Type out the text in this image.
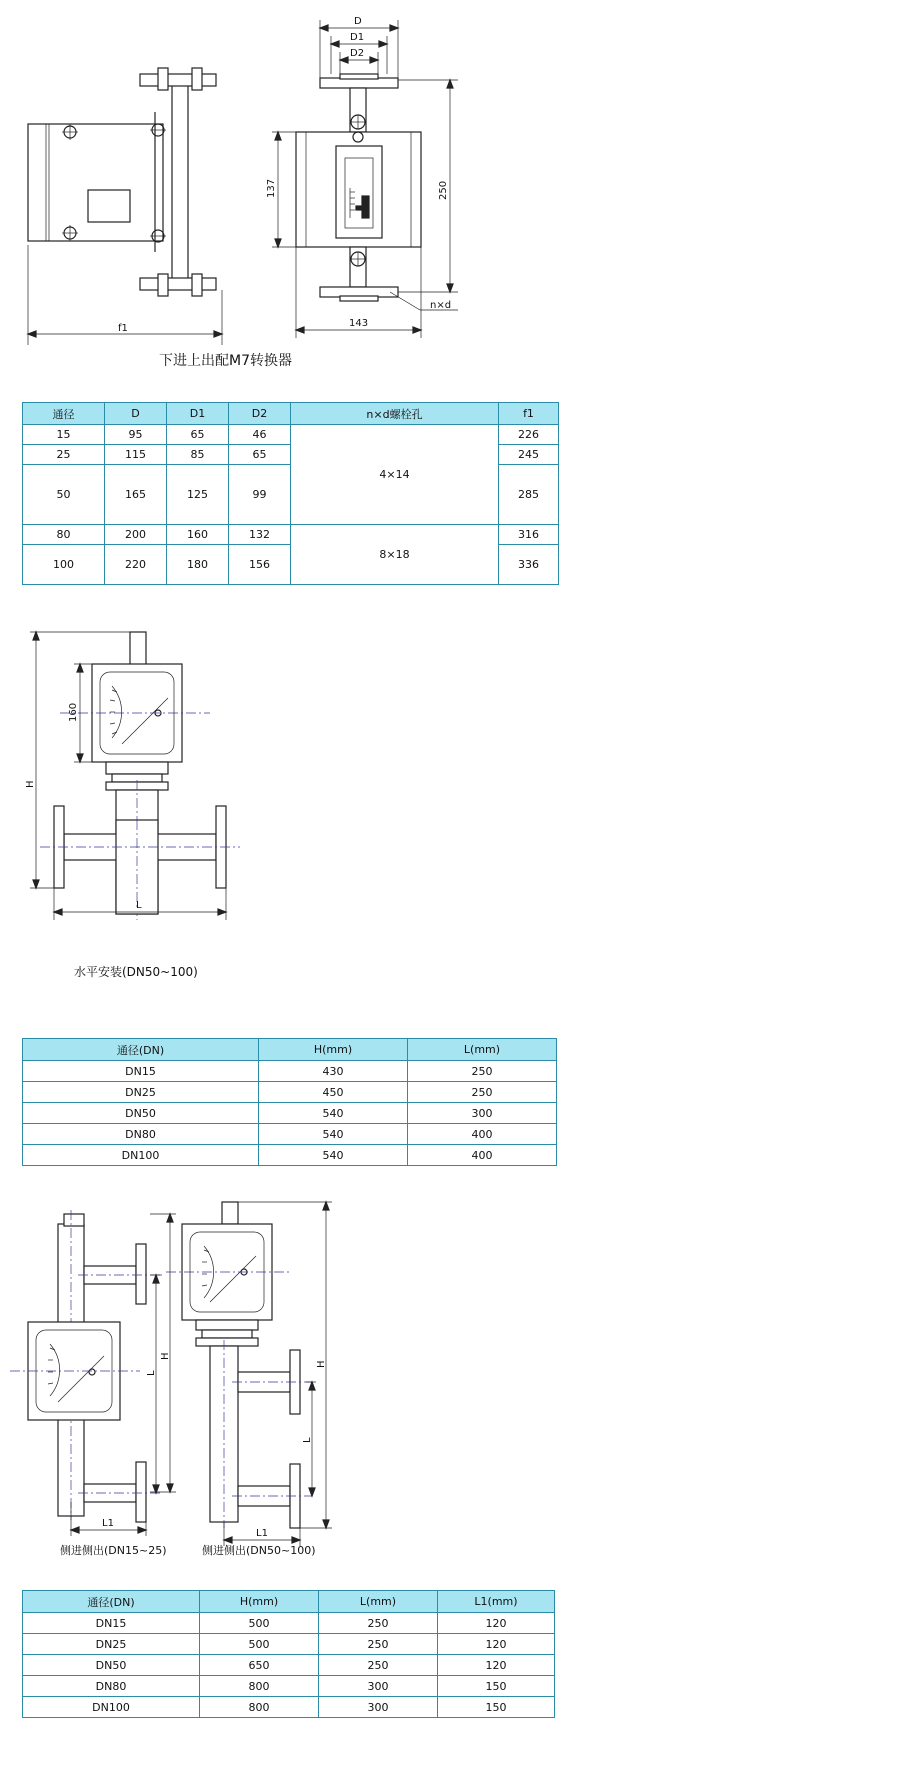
f1
D
D1
D2
137	250
143
n×d
下进上出配M7转换器
通径	D	D1	D2	n×d螺栓孔	f1
15	95	65	46	4×14	226
25	115	85	65		245
50	165	125	99		285
80	200	160	132	8×18	316
100	220	180	156		336
160
H
L
水平安装(DN50~100)
通径(DN)	H(mm)	L(mm)
DN15	430	250
DN25	450	250
DN50	540	300
DN80	540	400
DN100	540	400
H
L
L1
H
L
L1
侧进侧出(DN15~25)	侧进侧出(DN50~100)
通径(DN)	H(mm)	L(mm)	L1(mm)
DN15	500	250	120
DN25	500	250	120
DN50	650	250	120
DN80	800	300	150
DN100	800	300	150
